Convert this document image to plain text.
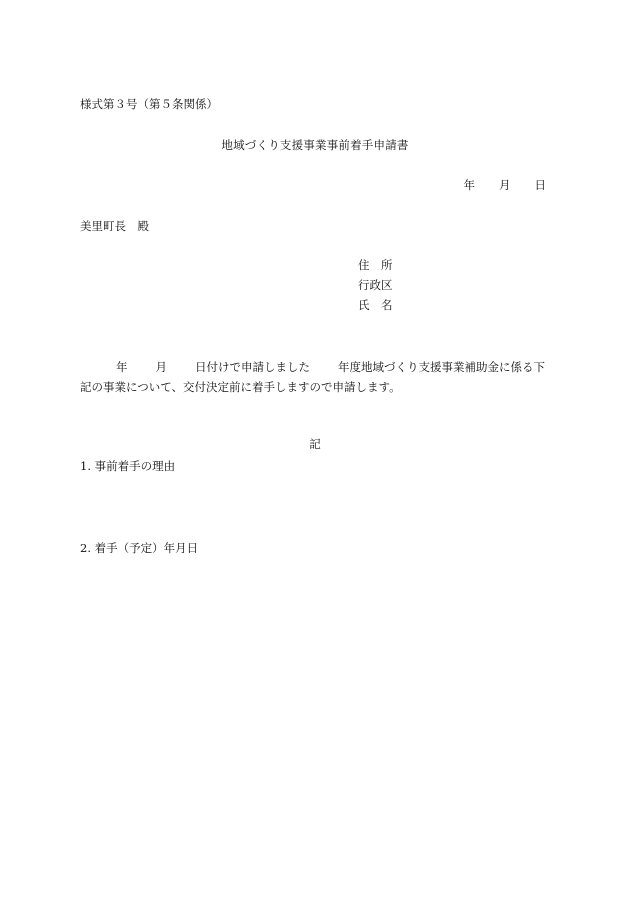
様式第３号（第５条関係）
地域づくり支援事業事前着手申請書
年 月 日
美里町長　殿
住　所
行政区
氏　名
年 月 日付けで申請しました 年度地域づくり支援事業補助金に係る下記の事業について、交付決定前に着手しますので申請します。
記
1. 事前着手の理由
2. 着手（予定）年月日
